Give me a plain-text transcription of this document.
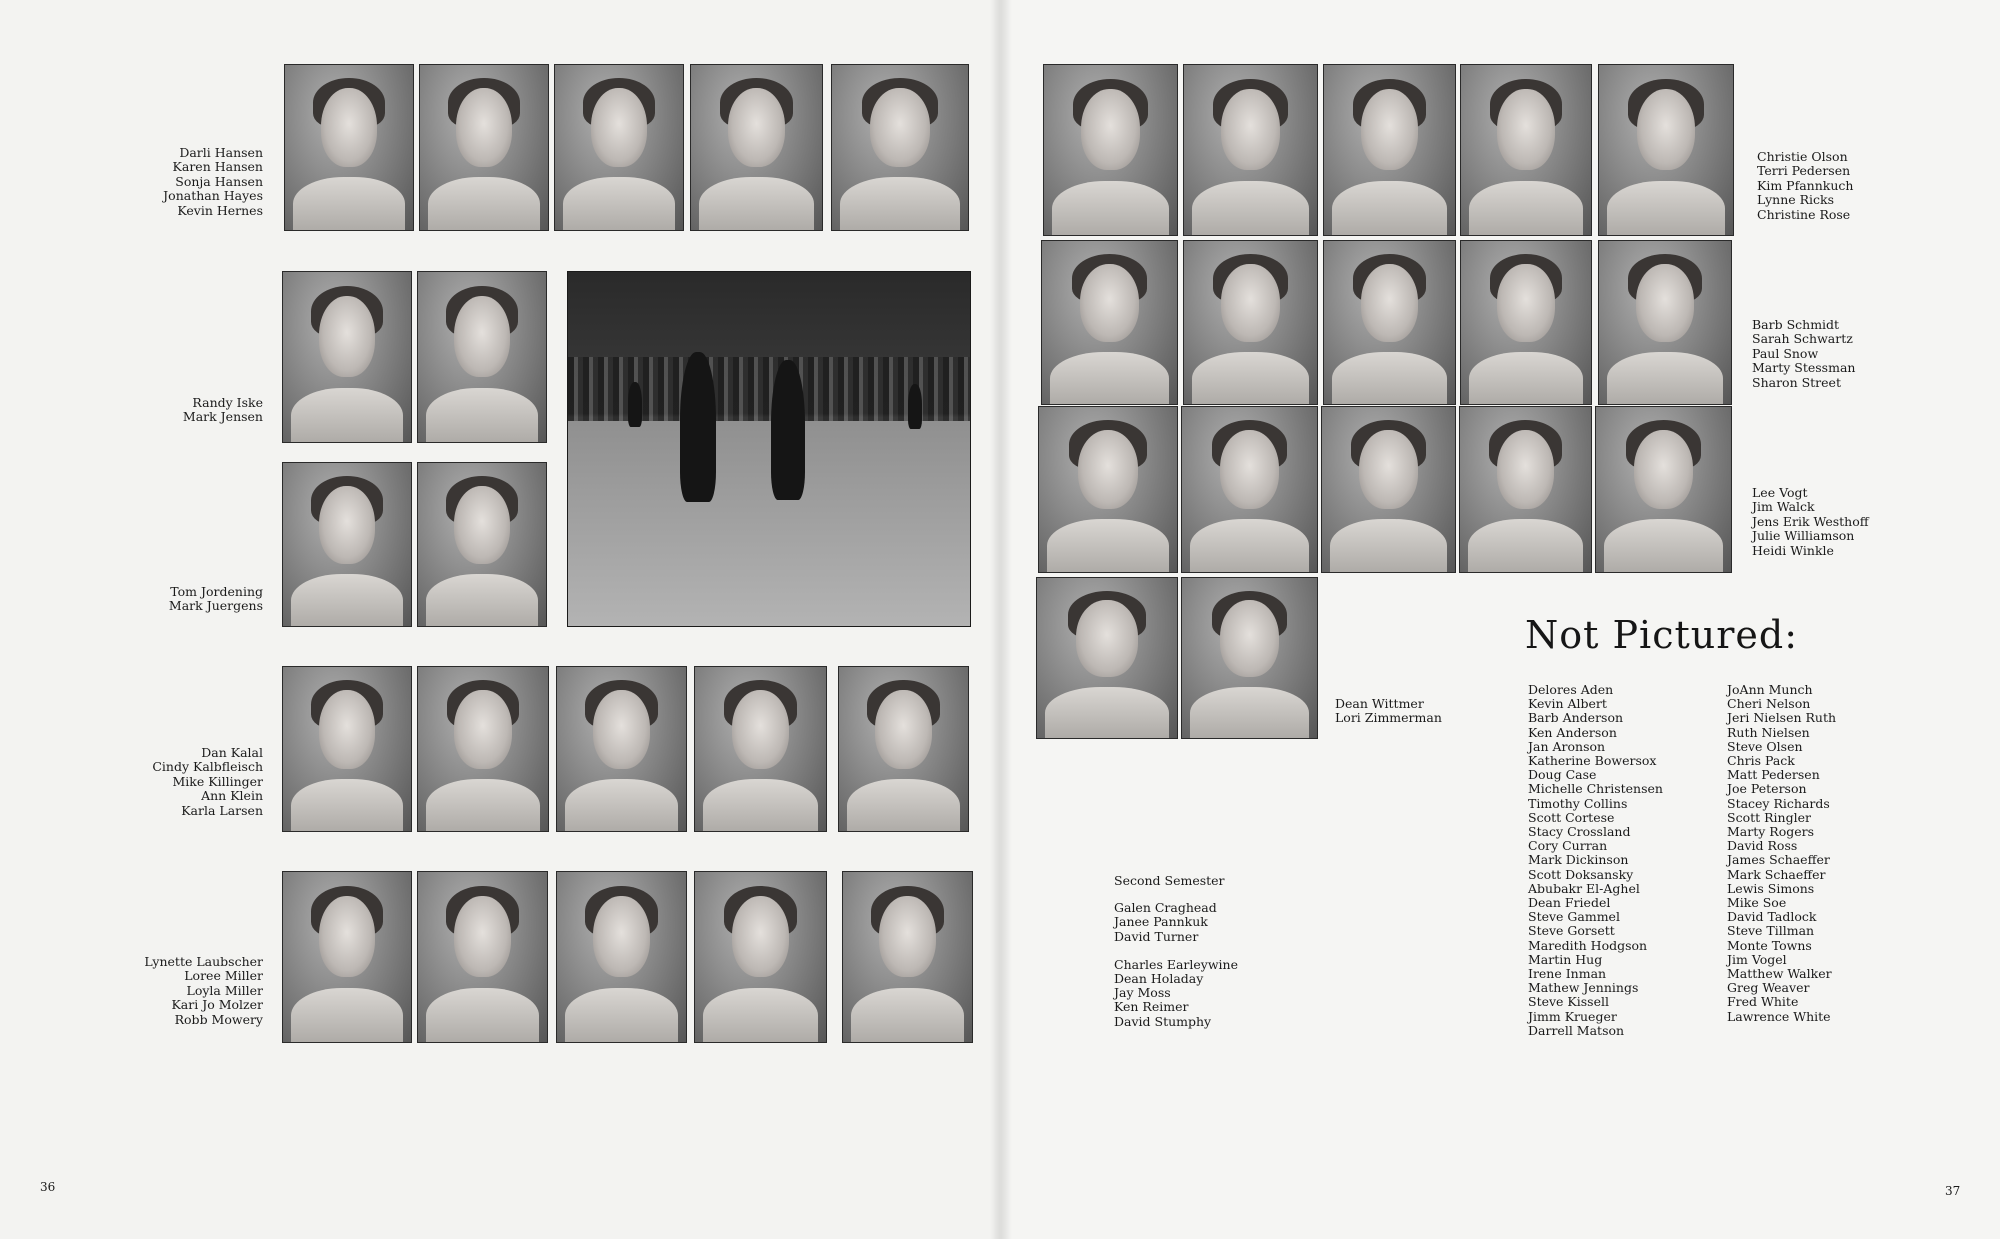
Darli Hansen
Karen Hansen
Sonja Hansen
Jonathan Hayes
Kevin Hernes
Randy Iske
Mark Jensen
Tom Jordening
Mark Juergens
Dan Kalal
Cindy Kalbfleisch
Mike Killinger
Ann Klein
Karla Larsen
Lynette Laubscher
Loree Miller
Loyla Miller
Kari Jo Molzer
Robb Mowery
36
Christie Olson
Terri Pedersen
Kim Pfannkuch
Lynne Ricks
Christine Rose
Barb Schmidt
Sarah Schwartz
Paul Snow
Marty Stessman
Sharon Street
Lee Vogt
Jim Walck
Jens Erik Westhoff
Julie Williamson
Heidi Winkle
Dean Wittmer
Lori Zimmerman
Second Semester
Galen Craghead
Janee Pannkuk
David Turner
Charles Earleywine
Dean Holaday
Jay Moss
Ken Reimer
David Stumphy
Not Pictured:
Delores Aden
Kevin Albert
Barb Anderson
Ken Anderson
Jan Aronson
Katherine Bowersox
Doug Case
Michelle Christensen
Timothy Collins
Scott Cortese
Stacy Crossland
Cory Curran
Mark Dickinson
Scott Doksansky
Abubakr El-Aghel
Dean Friedel
Steve Gammel
Steve Gorsett
Maredith Hodgson
Martin Hug
Irene Inman
Mathew Jennings
Steve Kissell
Jimm Krueger
Darrell Matson
JoAnn Munch
Cheri Nelson
Jeri Nielsen Ruth
Ruth Nielsen
Steve Olsen
Chris Pack
Matt Pedersen
Joe Peterson
Stacey Richards
Scott Ringler
Marty Rogers
David Ross
James Schaeffer
Mark Schaeffer
Lewis Simons
Mike Soe
David Tadlock
Steve Tillman
Monte Towns
Jim Vogel
Matthew Walker
Greg Weaver
Fred White
Lawrence White
37
